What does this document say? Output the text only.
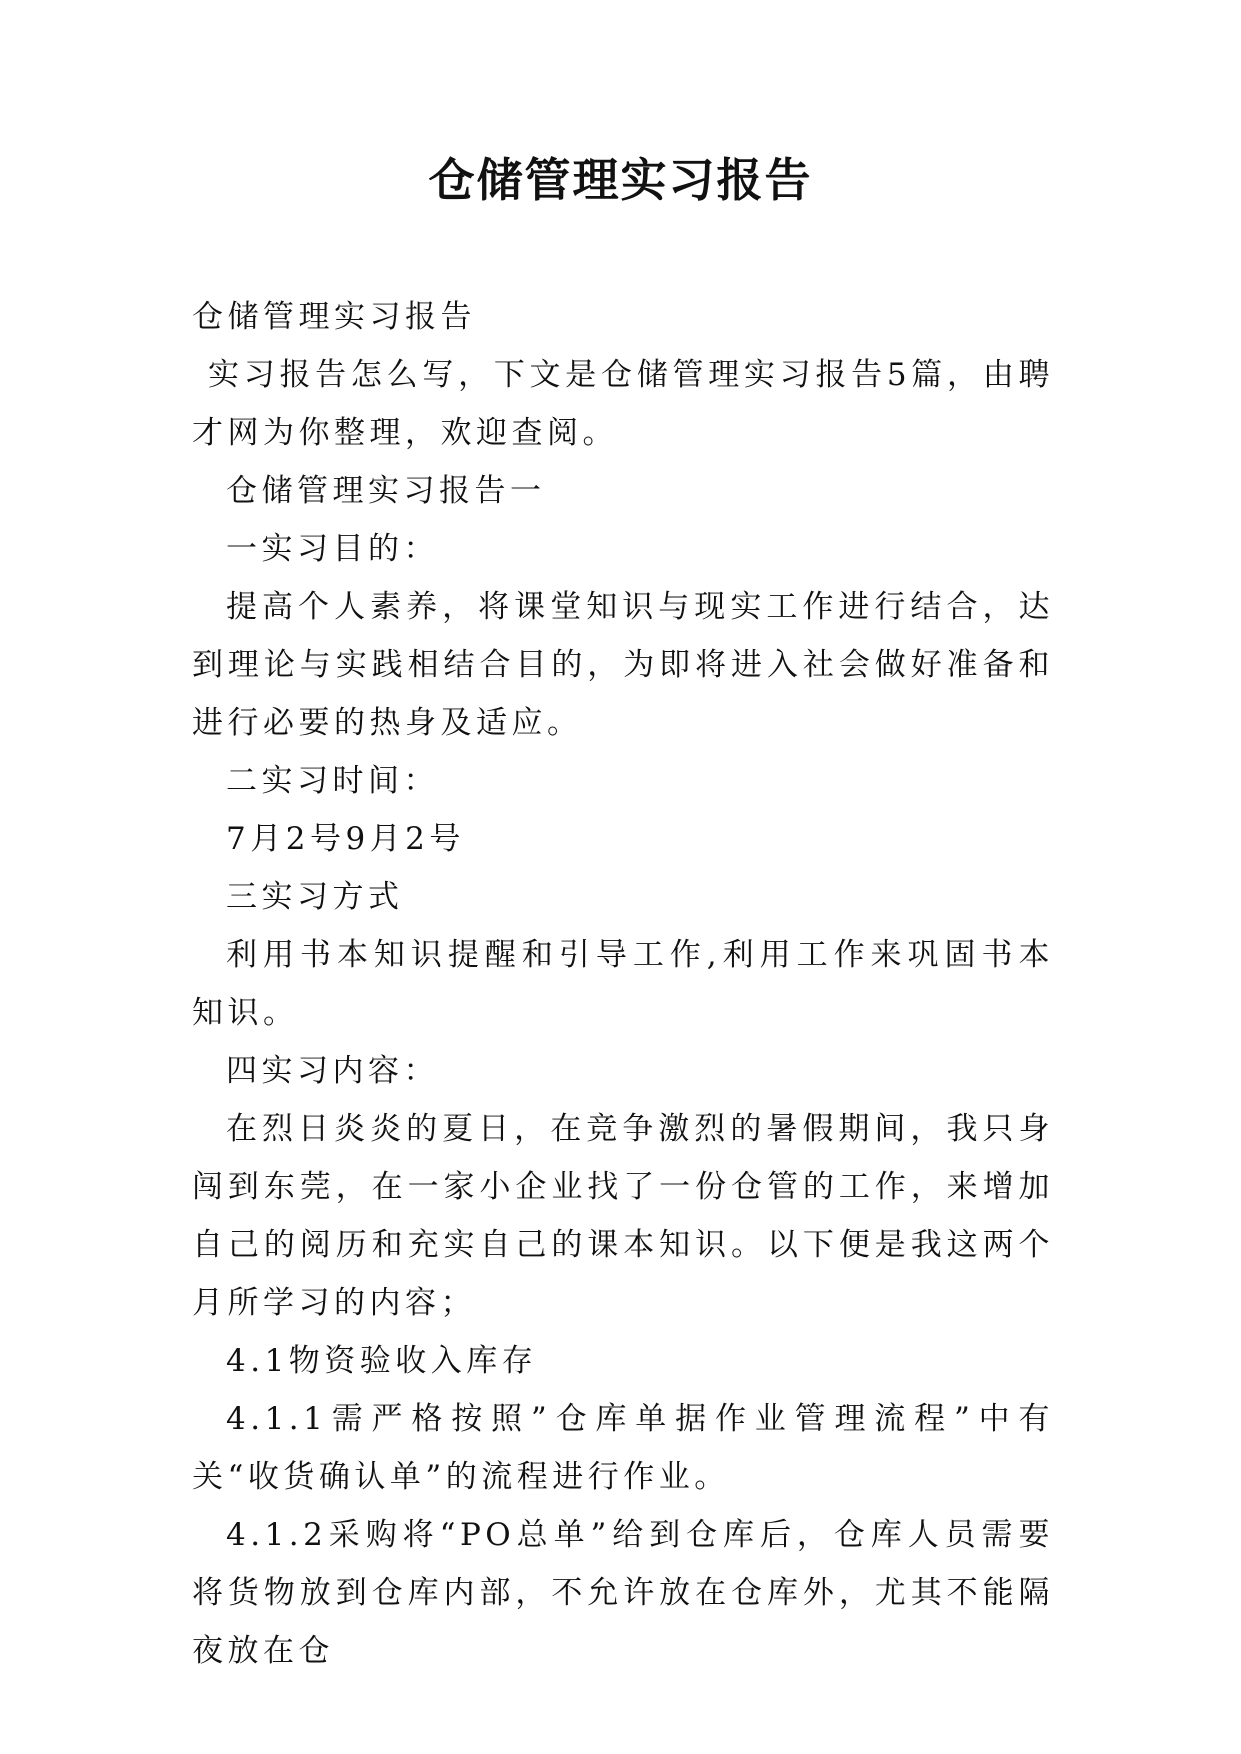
仓储管理实习报告

仓储管理实习报告

实习报告怎么写，下文是仓储管理实习报告5篇，由聘才网为你整理，欢迎查阅。

仓储管理实习报告一

一实习目的：

提高个人素养，将课堂知识与现实工作进行结合，达到理论与实践相结合目的，为即将进入社会做好准备和进行必要的热身及适应。

二实习时间：

7月2号9月2号

三实习方式

利用书本知识提醒和引导工作,利用工作来巩固书本知识。

四实习内容：

在烈日炎炎的夏日，在竞争激烈的暑假期间，我只身闯到东莞，在一家小企业找了一份仓管的工作，来增加自己的阅历和充实自己的课本知识。以下便是我这两个月所学习的内容；

4.1物资验收入库存

4.1.1需严格按照”仓库单据作业管理流程”中有关“收货确认单”的流程进行作业。

4.1.2采购将“PO总单”给到仓库后，仓库人员需要将货物放到仓库内部，不允许放在仓库外，尤其不能隔夜放在仓
